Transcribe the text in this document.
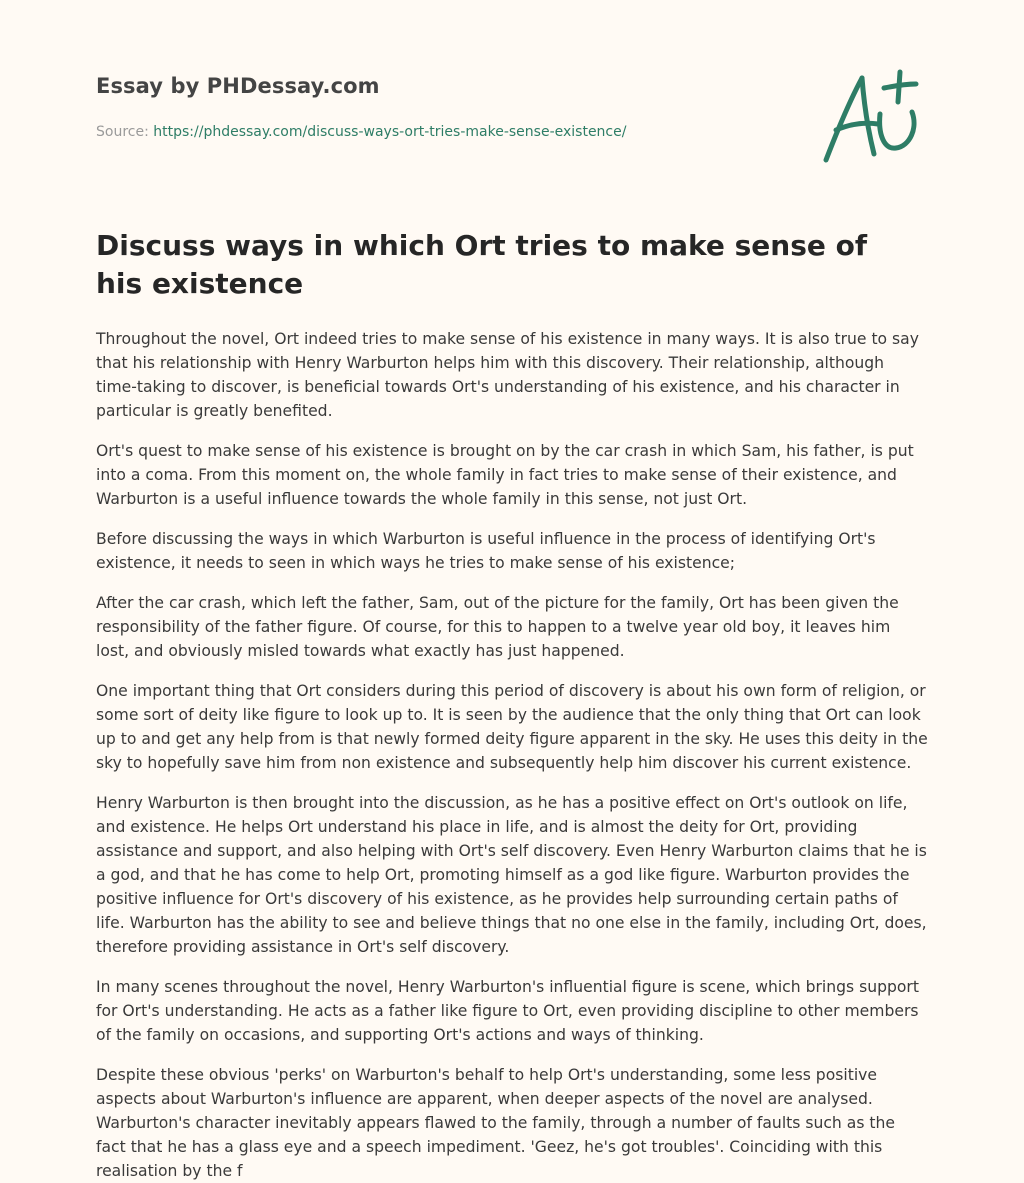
Essay by PHDessay.com

Source: https://phdessay.com/discuss-ways-ort-tries-make-sense-existence/

Discuss ways in which Ort tries to make sense of his existence

Throughout the novel, Ort indeed tries to make sense of his existence in many ways. It is also true to say that his relationship with Henry Warburton helps him with this discovery. Their relationship, although time-taking to discover, is beneficial towards Ort's understanding of his existence, and his character in particular is greatly benefited.

Ort's quest to make sense of his existence is brought on by the car crash in which Sam, his father, is put into a coma. From this moment on, the whole family in fact tries to make sense of their existence, and Warburton is a useful influence towards the whole family in this sense, not just Ort.

Before discussing the ways in which Warburton is useful influence in the process of identifying Ort's existence, it needs to seen in which ways he tries to make sense of his existence;

After the car crash, which left the father, Sam, out of the picture for the family, Ort has been given the responsibility of the father figure. Of course, for this to happen to a twelve year old boy, it leaves him lost, and obviously misled towards what exactly has just happened.

One important thing that Ort considers during this period of discovery is about his own form of religion, or some sort of deity like figure to look up to. It is seen by the audience that the only thing that Ort can look up to and get any help from is that newly formed deity figure apparent in the sky. He uses this deity in the sky to hopefully save him from non existence and subsequently help him discover his current existence.

Henry Warburton is then brought into the discussion, as he has a positive effect on Ort's outlook on life, and existence. He helps Ort understand his place in life, and is almost the deity for Ort, providing assistance and support, and also helping with Ort's self discovery. Even Henry Warburton claims that he is a god, and that he has come to help Ort, promoting himself as a god like figure. Warburton provides the positive influence for Ort's discovery of his existence, as he provides help surrounding certain paths of life. Warburton has the ability to see and believe things that no one else in the family, including Ort, does, therefore providing assistance in Ort's self discovery.

In many scenes throughout the novel, Henry Warburton's influential figure is scene, which brings support for Ort's understanding. He acts as a father like figure to Ort, even providing discipline to other members of the family on occasions, and supporting Ort's actions and ways of thinking.

Despite these obvious 'perks' on Warburton's behalf to help Ort's understanding, some less positive aspects about Warburton's influence are apparent, when deeper aspects of the novel are analysed. Warburton's character inevitably appears flawed to the family, through a number of faults such as the fact that he has a glass eye and a speech impediment. 'Geez, he's got troubles'. Coinciding with this realisation by the f
